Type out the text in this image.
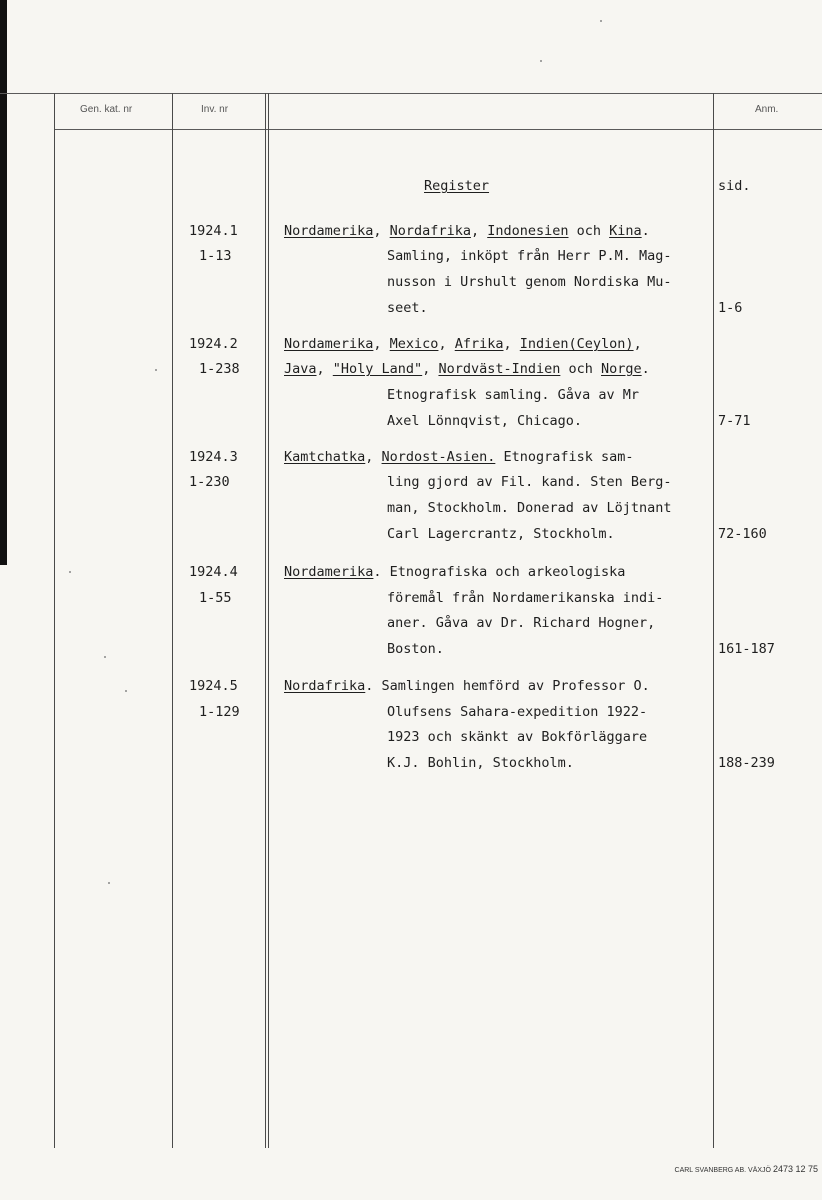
Gen. kat. nr	Inv. nr	Anm.
Register	sid.
1924.1
1-13
Nordamerika, Nordafrika, Indonesien och Kina.
Samling, inköpt från Herr P.M. Mag-
nusson i Urshult genom Nordiska Mu-
seet.	1-6
1924.2
1-238
Nordamerika, Mexico, Afrika, Indien(Ceylon),
Java, "Holy Land", Nordväst-Indien och Norge.
Etnografisk samling. Gåva av Mr
Axel Lönnqvist, Chicago.	7-71
1924.3
1-230
Kamtchatka, Nordost-Asien. Etnografisk sam-
ling gjord av Fil. kand. Sten Berg-
man, Stockholm. Donerad av Löjtnant
Carl Lagercrantz, Stockholm.	72-160
1924.4
1-55
Nordamerika. Etnografiska och arkeologiska
föremål från Nordamerikanska indi-
aner. Gåva av Dr. Richard Hogner,
Boston.	161-187
1924.5
1-129
Nordafrika. Samlingen hemförd av Professor O.
Olufsens Sahara-expedition 1922-
1923 och skänkt av Bokförläggare
K.J. Bohlin, Stockholm.	188-239
CARL SVANBERG AB. VÄXJÖ 2473 12 75
